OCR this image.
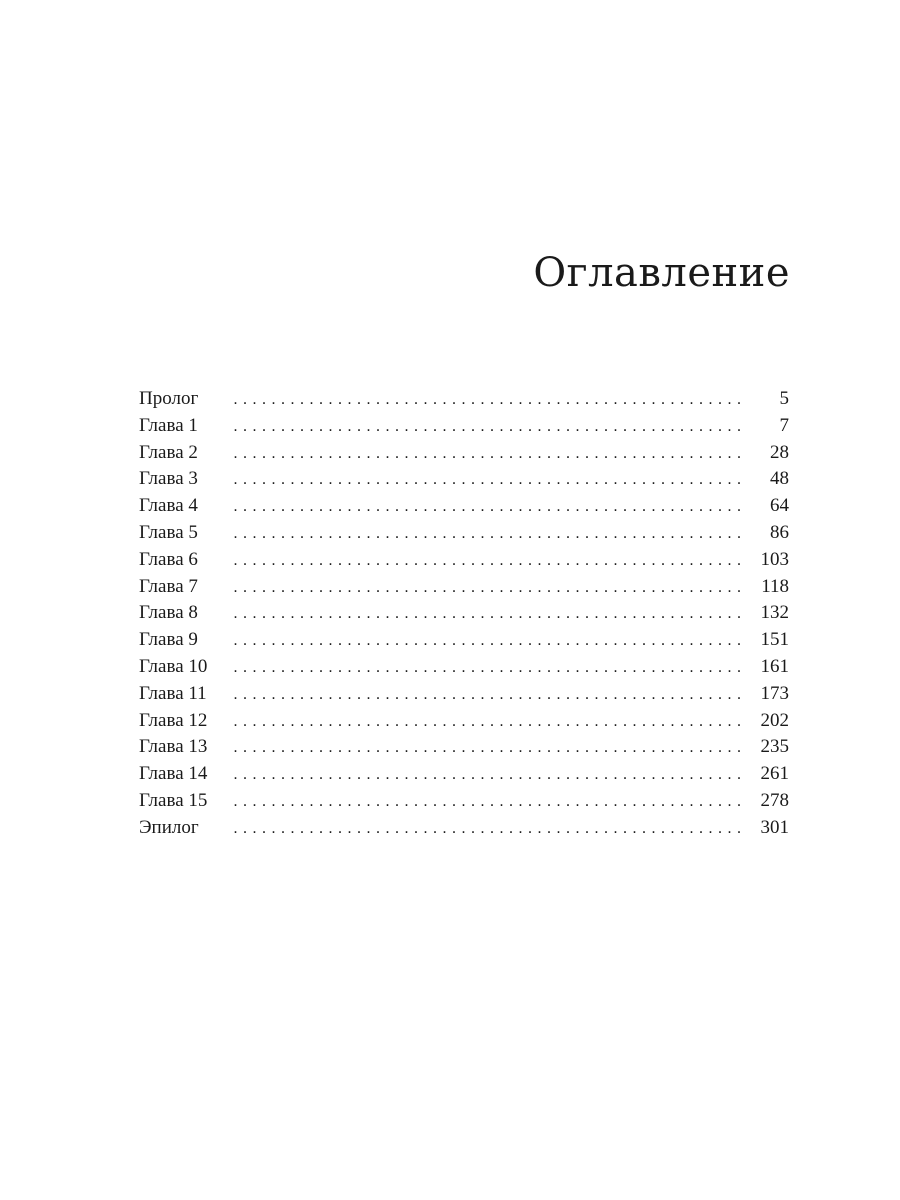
Оглавление
Пролог . . .	5
Глава 1 . . .	7
Глава 2 . . .	28
Глава 3 . . .	48
Глава 4 . . .	64
Глава 5 . . .	86
Глава 6 . . .	103
Глава 7 . . .	118
Глава 8 . . .	132
Глава 9 . . .	151
Глава 10 . . .	161
Глава 11 . . .	173
Глава 12 . . .	202
Глава 13 . . .	235
Глава 14 . . .	261
Глава 15 . . .	278
Эпилог . . .	301
